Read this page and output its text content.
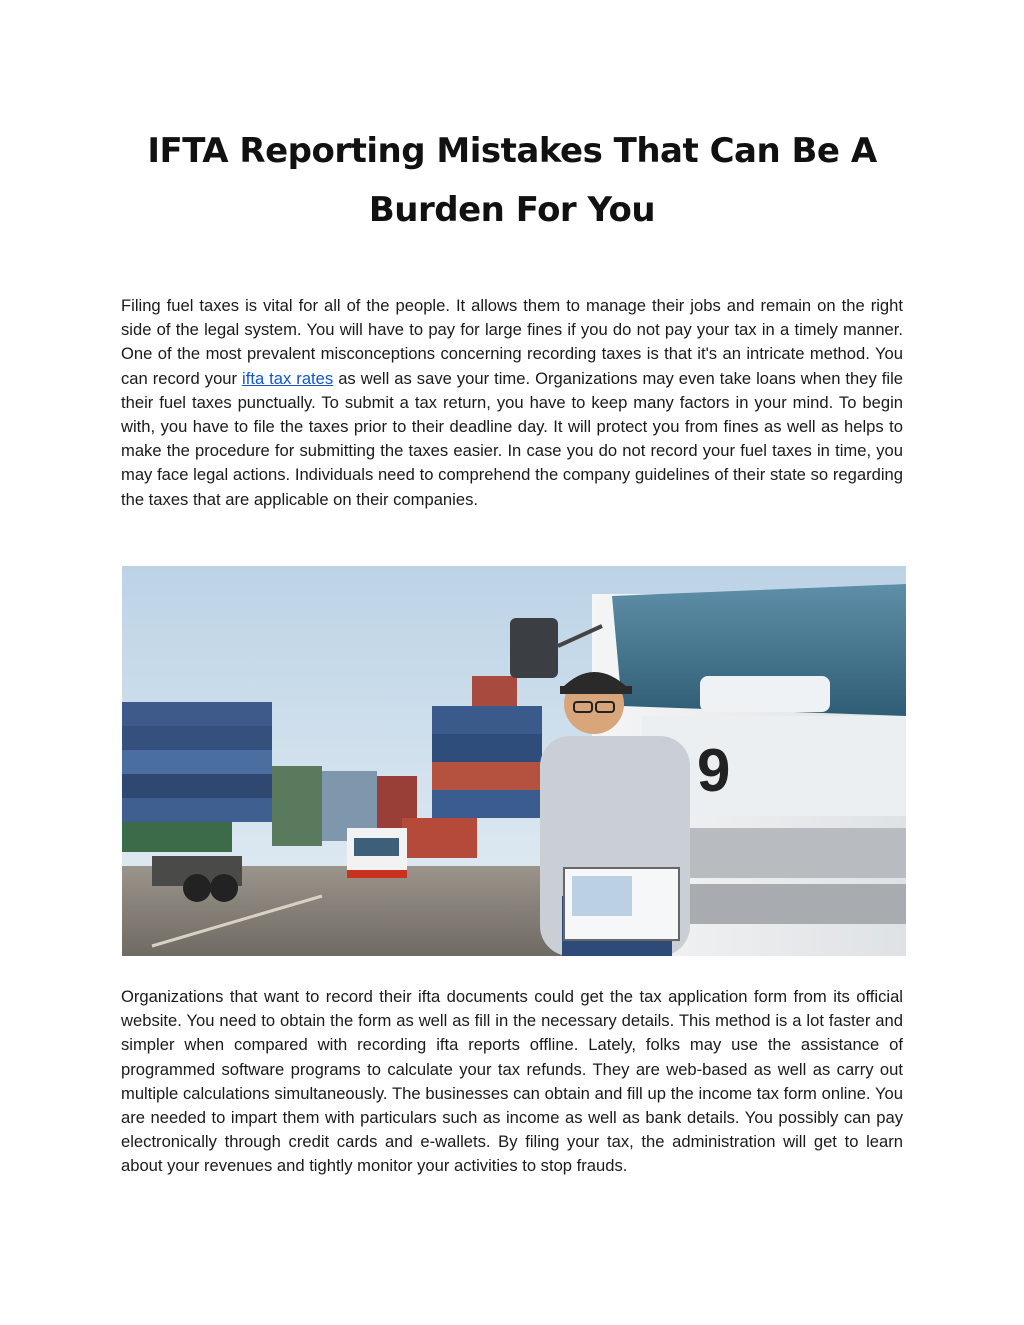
IFTA Reporting Mistakes That Can Be A Burden For You

Filing fuel taxes is vital for all of the people. It allows them to manage their jobs and remain on the right side of the legal system. You will have to pay for large fines if you do not pay your tax in a timely manner. One of the most prevalent misconceptions concerning recording taxes is that it's an intricate method. You can record your ifta tax rates as well as save your time. Organizations may even take loans when they file their fuel taxes punctually. To submit a tax return, you have to keep many factors in your mind. To begin with, you have to file the taxes prior to their deadline day. It will protect you from fines as well as helps to make the procedure for submitting the taxes easier. In case you do not record your fuel taxes in time, you may face legal actions. Individuals need to comprehend the company guidelines of their state so regarding the taxes that are applicable on their companies.

9

Organizations that want to record their ifta documents could get the tax application form from its official website. You need to obtain the form as well as fill in the necessary details. This method is a lot faster and simpler when compared with recording ifta reports offline. Lately, folks may use the assistance of programmed software programs to calculate your tax refunds. They are web-based as well as carry out multiple calculations simultaneously. The businesses can obtain and fill up the income tax form online. You are needed to impart them with particulars such as income as well as bank details. You possibly can pay electronically through credit cards and e-wallets. By filing your tax, the administration will get to learn about your revenues and tightly monitor your activities to stop frauds.
